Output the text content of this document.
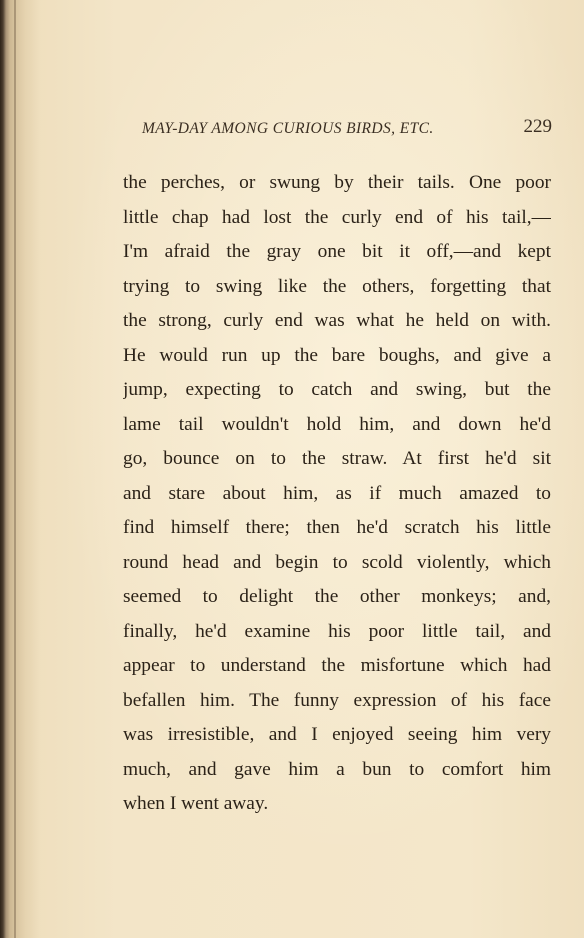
MAY-DAY AMONG CURIOUS BIRDS, ETC.	229
the perches, or swung by their tails. One poor
little chap had lost the curly end of his tail,—
I'm afraid the gray one bit it off,—and kept
trying to swing like the others, forgetting that
the strong, curly end was what he held on with.
He would run up the bare boughs, and give a
jump, expecting to catch and swing, but the
lame tail wouldn't hold him, and down he'd
go, bounce on to the straw. At first he'd sit
and stare about him, as if much amazed to
find himself there; then he'd scratch his little
round head and begin to scold violently, which
seemed to delight the other monkeys; and,
finally, he'd examine his poor little tail, and
appear to understand the misfortune which had
befallen him. The funny expression of his face
was irresistible, and I enjoyed seeing him very
much, and gave him a bun to comfort him
when I went away.
